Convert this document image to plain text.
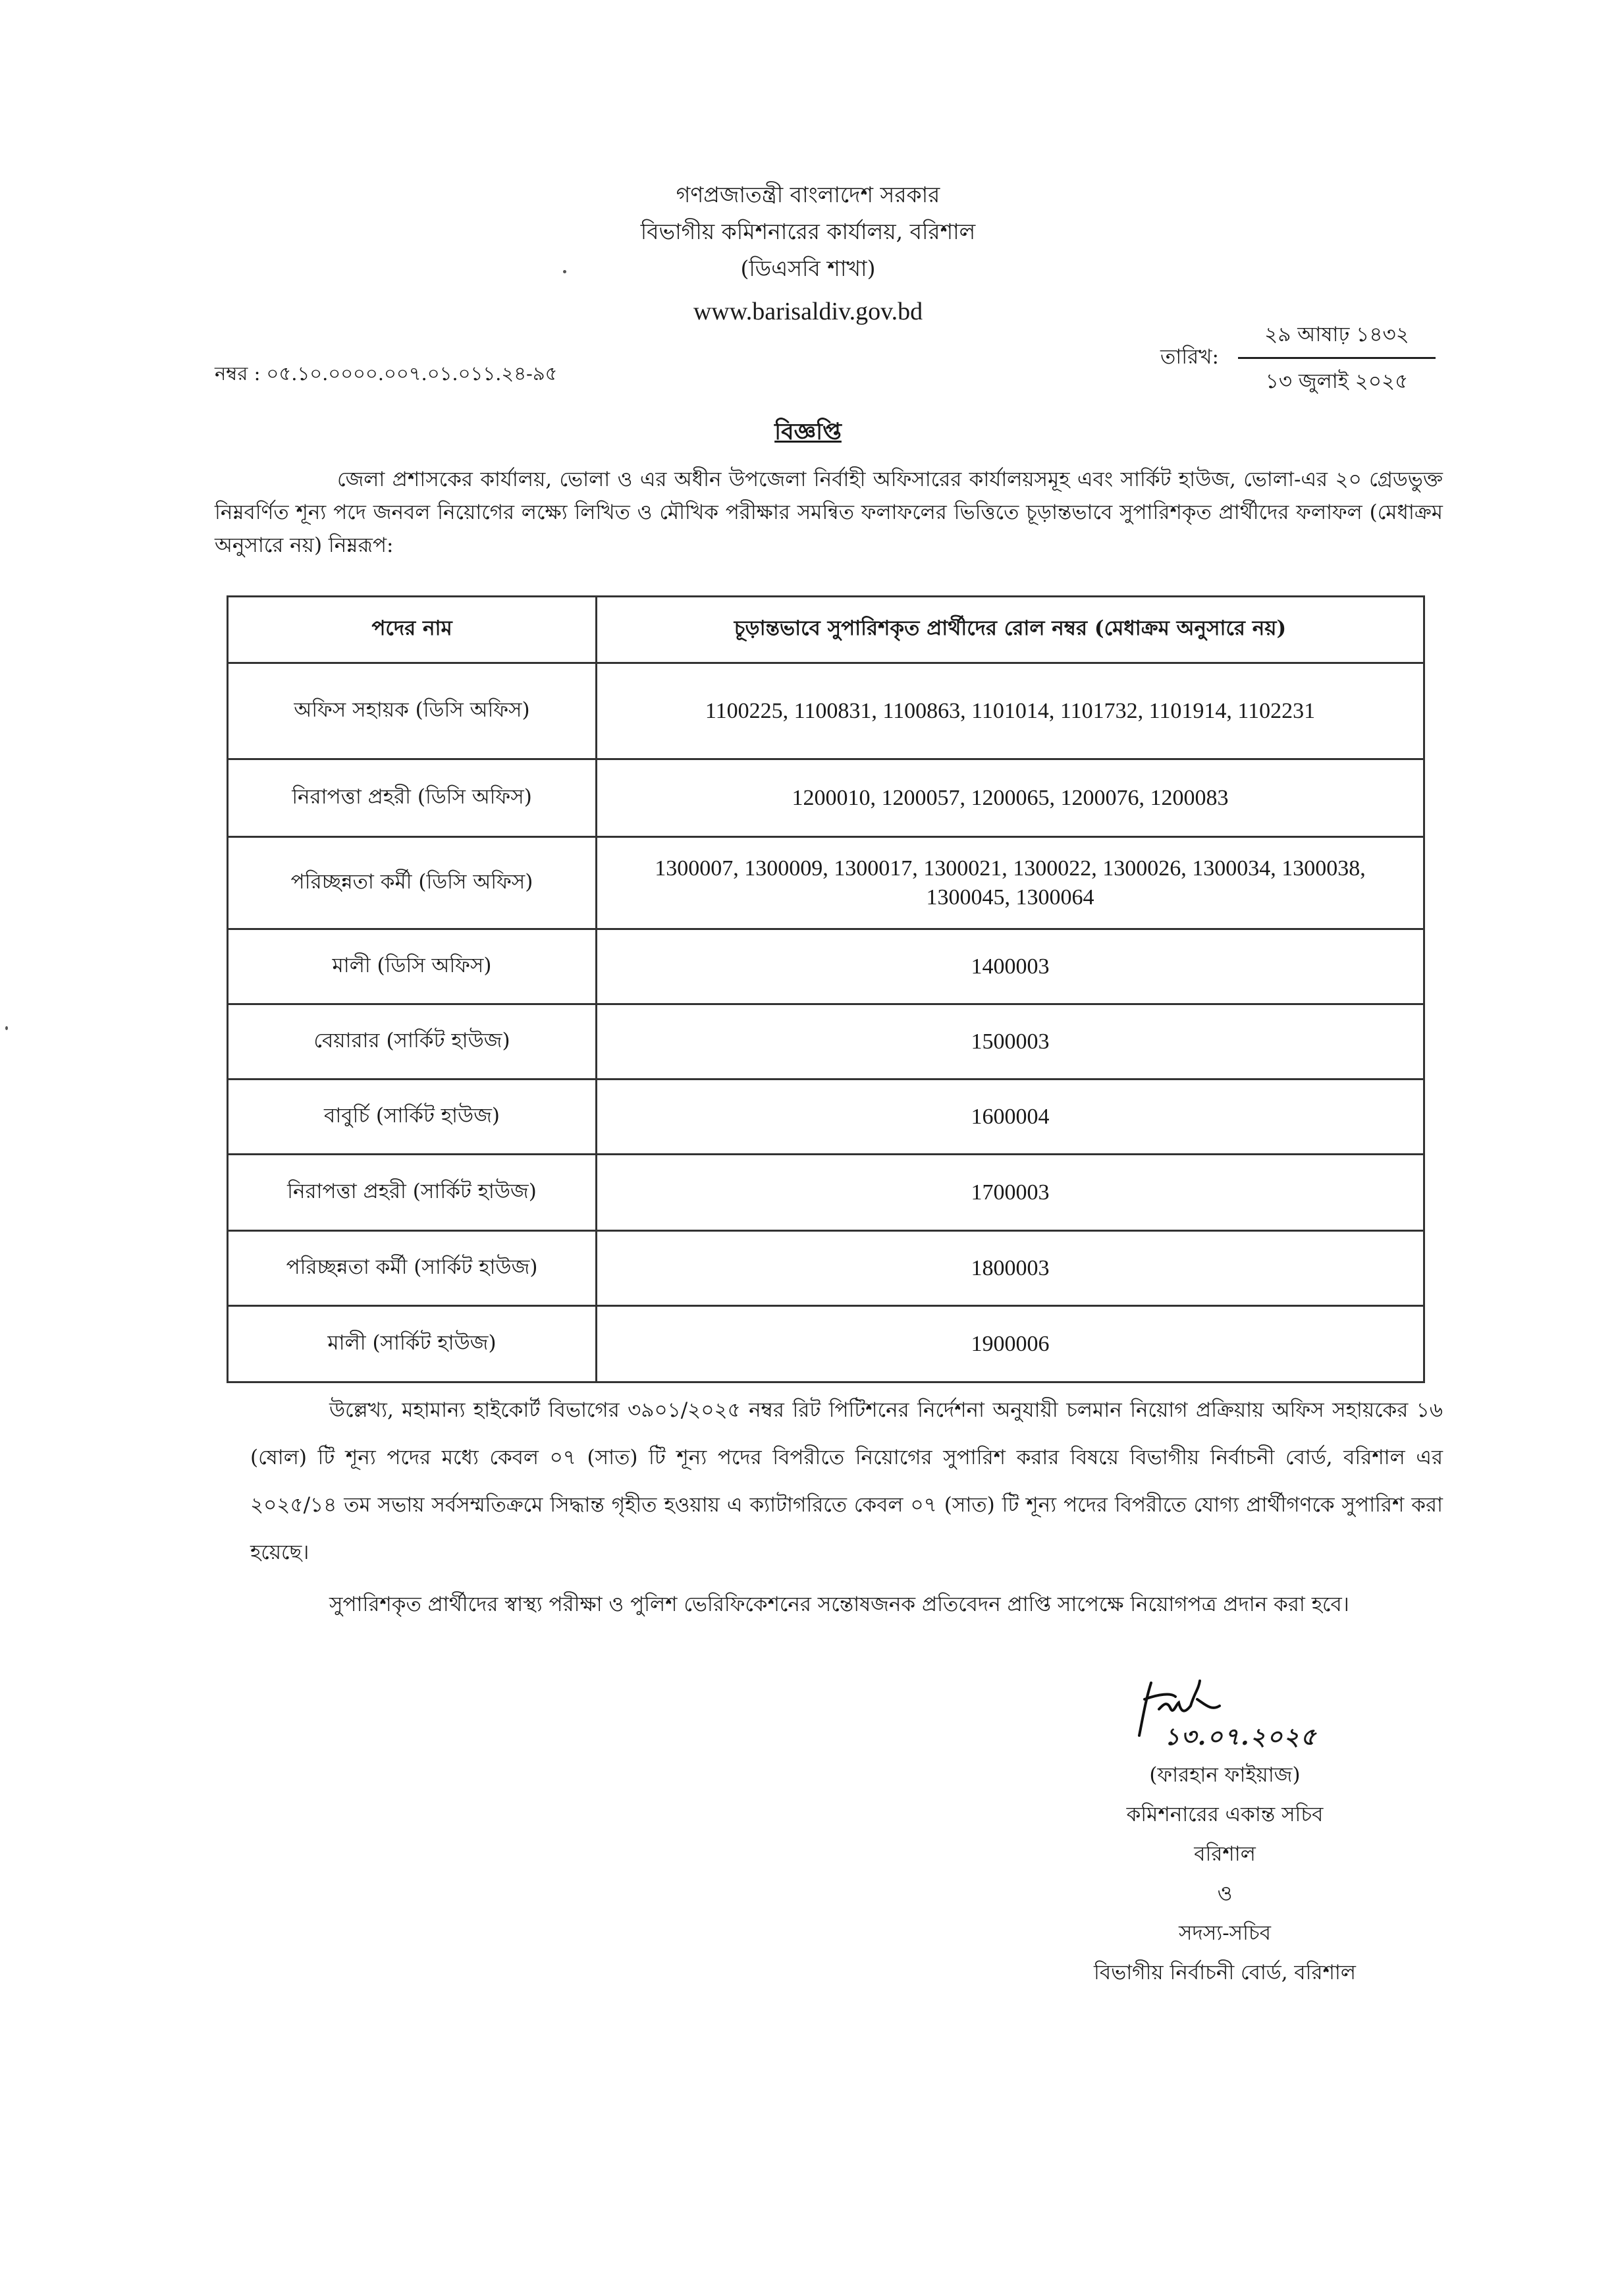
গণপ্রজাতন্ত্রী বাংলাদেশ সরকার
বিভাগীয় কমিশনারের কার্যালয়, বরিশাল
(ডিএসবি শাখা)
www.barisaldiv.gov.bd
নম্বর : ০৫.১০.০০০০.০০৭.০১.০১১.২৪-৯৫
তারিখ:
২৯ আষাঢ় ১৪৩২
১৩ জুলাই ২০২৫
বিজ্ঞপ্তি
জেলা প্রশাসকের কার্যালয়, ভোলা ও এর অধীন উপজেলা নির্বাহী অফিসারের কার্যালয়সমূহ এবং সার্কিট হাউজ, ভোলা-এর ২০ গ্রেডভুক্ত নিম্নবর্ণিত শূন্য পদে জনবল নিয়োগের লক্ষ্যে লিখিত ও মৌখিক পরীক্ষার সমন্বিত ফলাফলের ভিত্তিতে চূড়ান্তভাবে সুপারিশকৃত প্রার্থীদের ফলাফল (মেধাক্রম অনুসারে নয়) নিম্নরূপ:
পদের নাম	চূড়ান্তভাবে সুপারিশকৃত প্রার্থীদের রোল নম্বর (মেধাক্রম অনুসারে নয়)
অফিস সহায়ক (ডিসি অফিস)	1100225, 1100831, 1100863, 1101014, 1101732, 1101914, 1102231
নিরাপত্তা প্রহরী (ডিসি অফিস)	1200010, 1200057, 1200065, 1200076, 1200083
পরিচ্ছন্নতা কর্মী (ডিসি অফিস)	1300007, 1300009, 1300017, 1300021, 1300022, 1300026, 1300034, 1300038, 1300045, 1300064
মালী (ডিসি অফিস)	1400003
বেয়ারার (সার্কিট হাউজ)	1500003
বাবুর্চি (সার্কিট হাউজ)	1600004
নিরাপত্তা প্রহরী (সার্কিট হাউজ)	1700003
পরিচ্ছন্নতা কর্মী (সার্কিট হাউজ)	1800003
মালী (সার্কিট হাউজ)	1900006
উল্লেখ্য, মহামান্য হাইকোর্ট বিভাগের ৩৯০১/২০২৫ নম্বর রিট পিটিশনের নির্দেশনা অনুযায়ী চলমান নিয়োগ প্রক্রিয়ায় অফিস সহায়কের ১৬ (ষোল) টি শূন্য পদের মধ্যে কেবল ০৭ (সাত) টি শূন্য পদের বিপরীতে নিয়োগের সুপারিশ করার বিষয়ে বিভাগীয় নির্বাচনী বোর্ড, বরিশাল এর ২০২৫/১৪ তম সভায় সর্বসম্মতিক্রমে সিদ্ধান্ত গৃহীত হওয়ায় এ ক্যাটাগরিতে কেবল ০৭ (সাত) টি শূন্য পদের বিপরীতে যোগ্য প্রার্থীগণকে সুপারিশ করা হয়েছে।
সুপারিশকৃত প্রার্থীদের স্বাস্থ্য পরীক্ষা ও পুলিশ ভেরিফিকেশনের সন্তোষজনক প্রতিবেদন প্রাপ্তি সাপেক্ষে নিয়োগপত্র প্রদান করা হবে।
১৩.০৭.২০২৫
(ফারহান ফাইয়াজ)
কমিশনারের একান্ত সচিব
বরিশাল
ও
সদস্য-সচিব
বিভাগীয় নির্বাচনী বোর্ড, বরিশাল
